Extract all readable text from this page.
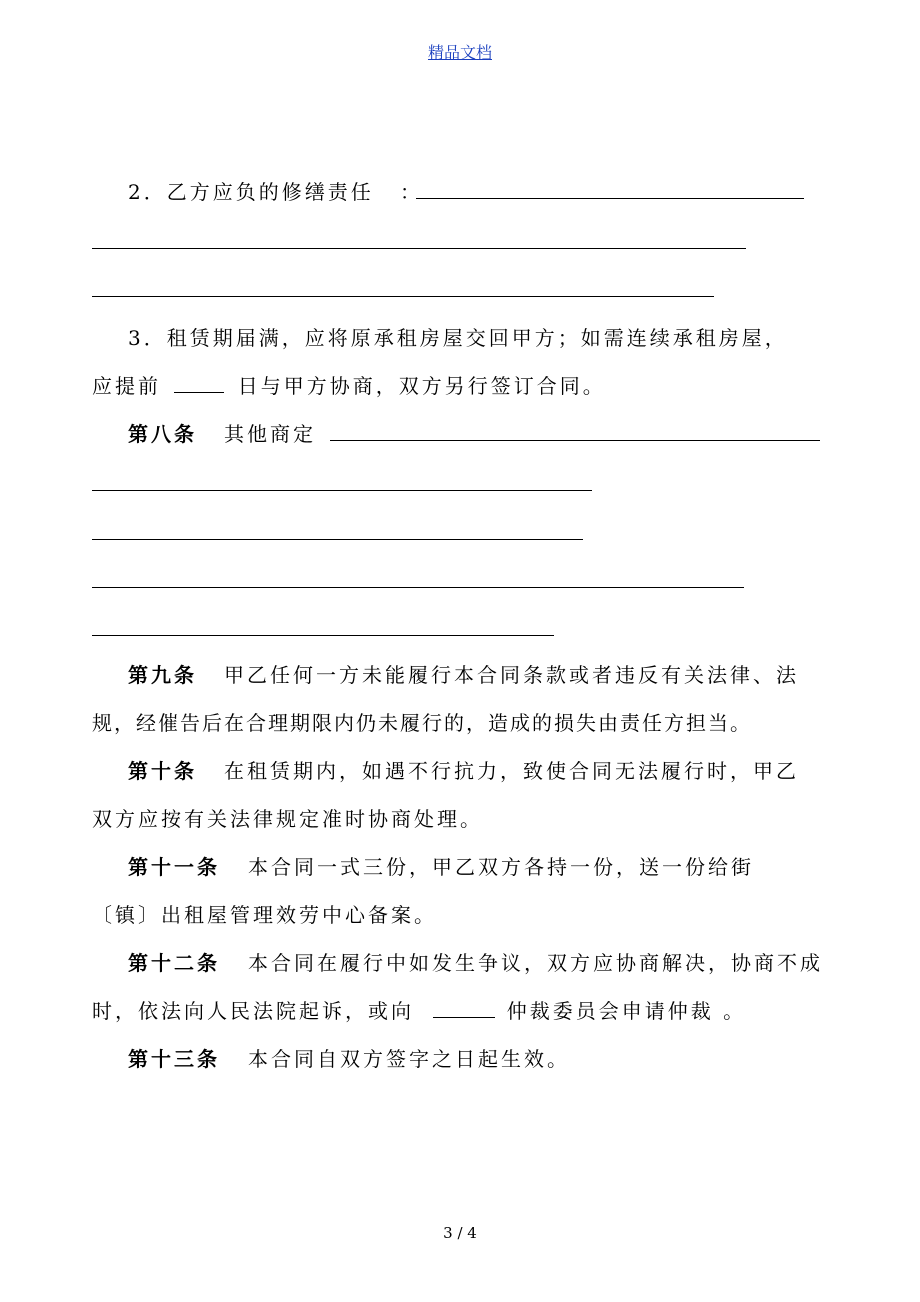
精品文档
2．乙方应负的修缮责任 ：
3．租赁期届满，应将原承租房屋交回甲方；如需连续承租房屋，
应提前	日与甲方协商，双方另行签订合同。
第八条 其他商定
第九条 甲乙任何一方未能履行本合同条款或者违反有关法律、法
规，经催告后在合理期限内仍未履行的，造成的损失由责任方担当。
第十条 在租赁期内，如遇不行抗力，致使合同无法履行时，甲乙
双方应按有关法律规定准时协商处理。
第十一条 本合同一式三份，甲乙双方各持一份，送一份给街
〔镇〕出租屋管理效劳中心备案。
第十二条 本合同在履行中如发生争议，双方应协商解决，协商不成
时，依法向人民法院起诉，或向	仲裁委员会申请仲裁 。
第十三条 本合同自双方签字之日起生效。
3 / 4
